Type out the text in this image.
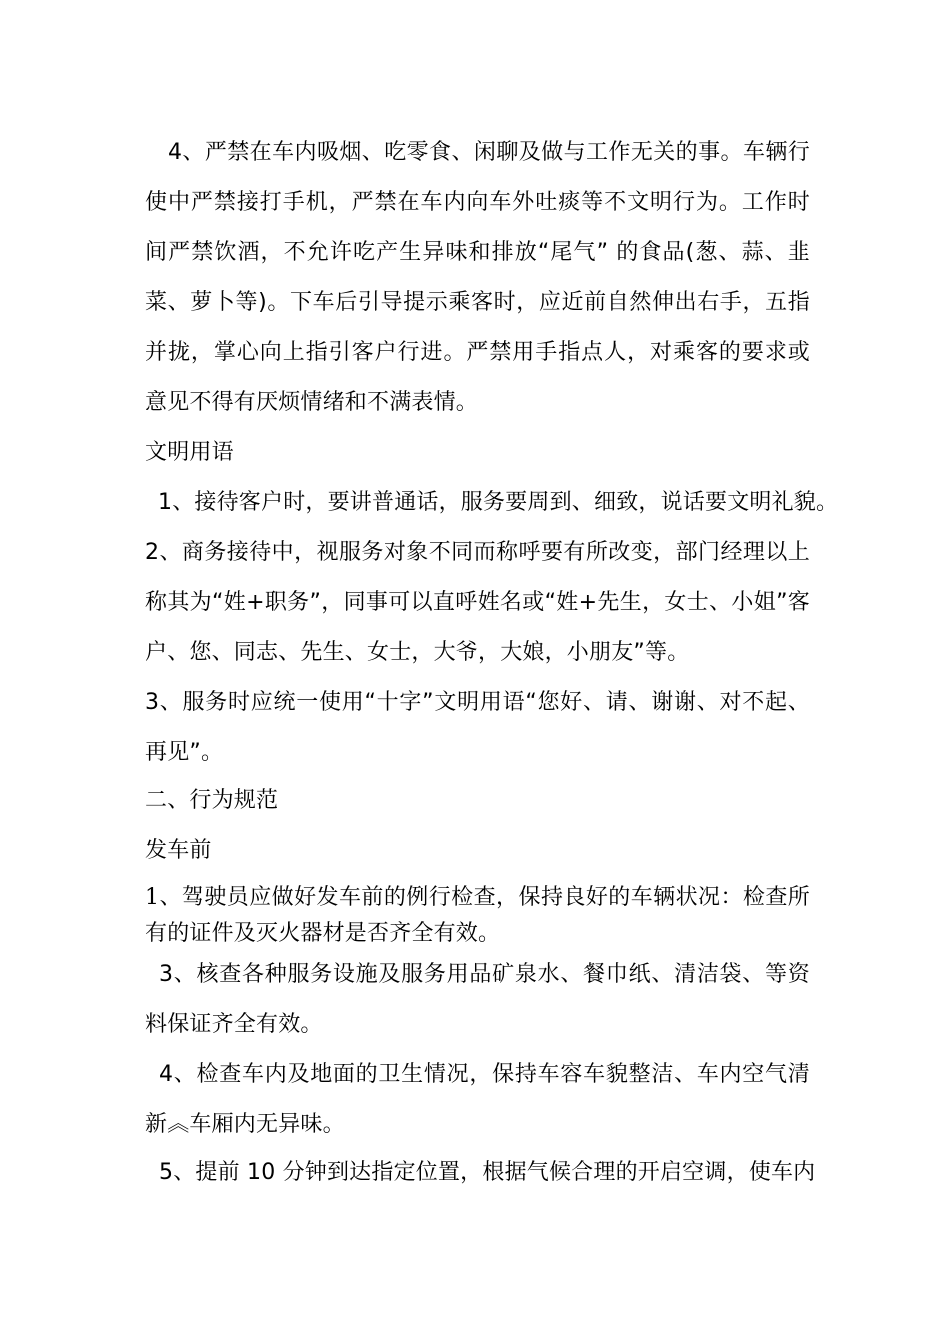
4、严禁在车内吸烟、吃零食、闲聊及做与工作无关的事。车辆行使中严禁接打手机，严禁在车内向车外吐痰等不文明行为。工作时间严禁饮酒，不允许吃产生异味和排放“尾气” 的食品(葱、蒜、韭菜、萝卜等)。下车后引导提示乘客时，应近前自然伸出右手，五指并拢，掌心向上指引客户行进。严禁用手指点人，对乘客的要求或意见不得有厌烦情绪和不满表情。

文明用语

1、接待客户时，要讲普通话，服务要周到、细致，说话要文明礼貌。

2、商务接待中，视服务对象不同而称呼要有所改变，部门经理以上称其为“姓+职务”，同事可以直呼姓名或“姓+先生，女士、小姐”客户、您、同志、先生、女士，大爷，大娘，小朋友”等。

3、服务时应统一使用“十字”文明用语“您好、请、谢谢、对不起、再见”。

二、行为规范

发车前

1、驾驶员应做好发车前的例行检查，保持良好的车辆状况：检查所有的证件及灭火器材是否齐全有效。

3、核查各种服务设施及服务用品矿泉水、餐巾纸、清洁袋、等资料保证齐全有效。

4、检查车内及地面的卫生情况，保持车容车貌整洁、车内空气清新︽车厢内无异味。

5、提前 10 分钟到达指定位置，根据气候合理的开启空调，使车内
